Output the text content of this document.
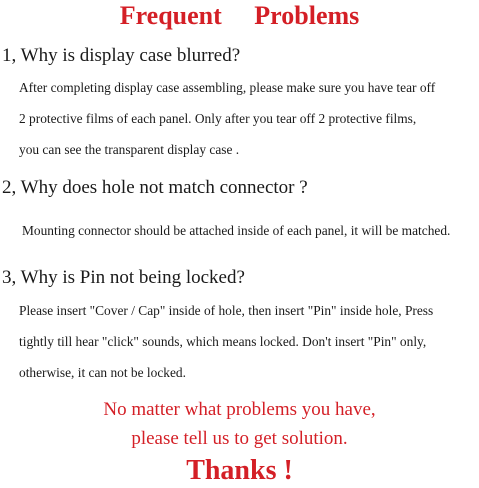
Frequent     Problems
1, Why is display case blurred?
After completing display case assembling, please make sure you have tear off
2 protective films of each panel. Only after you tear off 2 protective films,
you can see the transparent display case .
2, Why does hole not match connector ?
Mounting connector should be attached inside of each panel, it will be matched.
3, Why is Pin not being locked?
Please insert "Cover / Cap" inside of hole, then insert "Pin" inside hole, Press
tightly till hear "click" sounds, which means locked. Don't insert "Pin" only,
otherwise, it can not be locked.
No matter what problems you have,
please tell us to get solution.
Thanks !
